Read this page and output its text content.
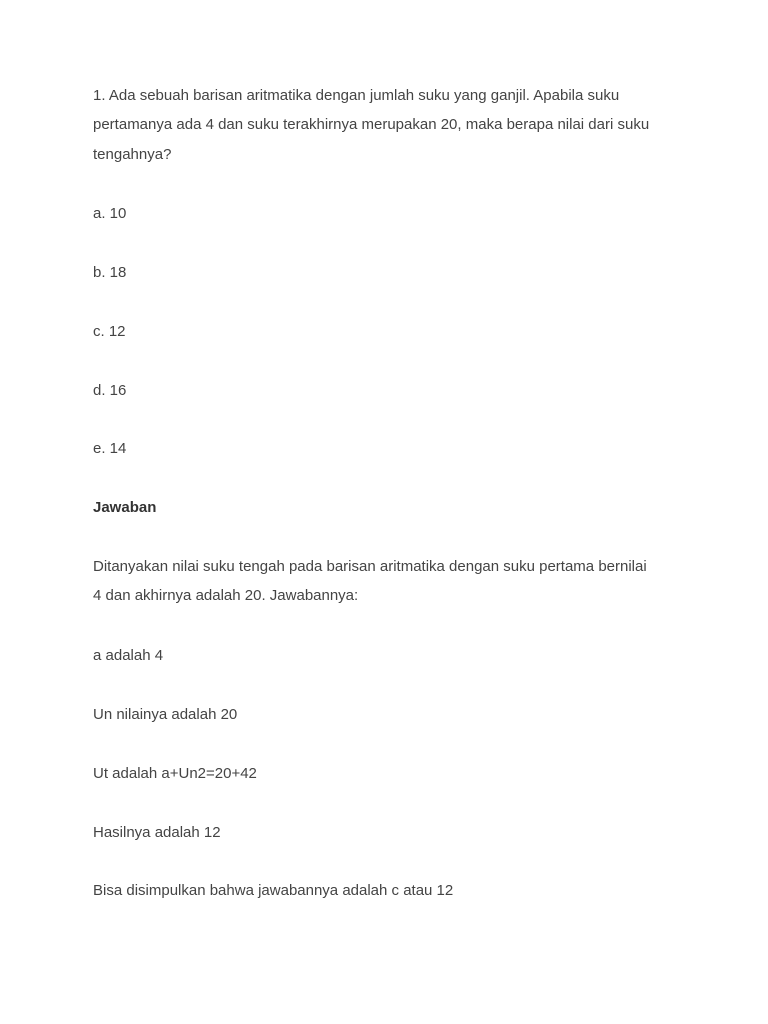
1. Ada sebuah barisan aritmatika dengan jumlah suku yang ganjil. Apabila suku
pertamanya ada 4 dan suku terakhirnya merupakan 20, maka berapa nilai dari suku
tengahnya?
a. 10
b. 18
c. 12
d. 16
e. 14
Jawaban
Ditanyakan nilai suku tengah pada barisan aritmatika dengan suku pertama bernilai
4 dan akhirnya adalah 20. Jawabannya:
a adalah 4
Un nilainya adalah 20
Ut adalah a+Un2=20+42
Hasilnya adalah 12
Bisa disimpulkan bahwa jawabannya adalah c atau 12
